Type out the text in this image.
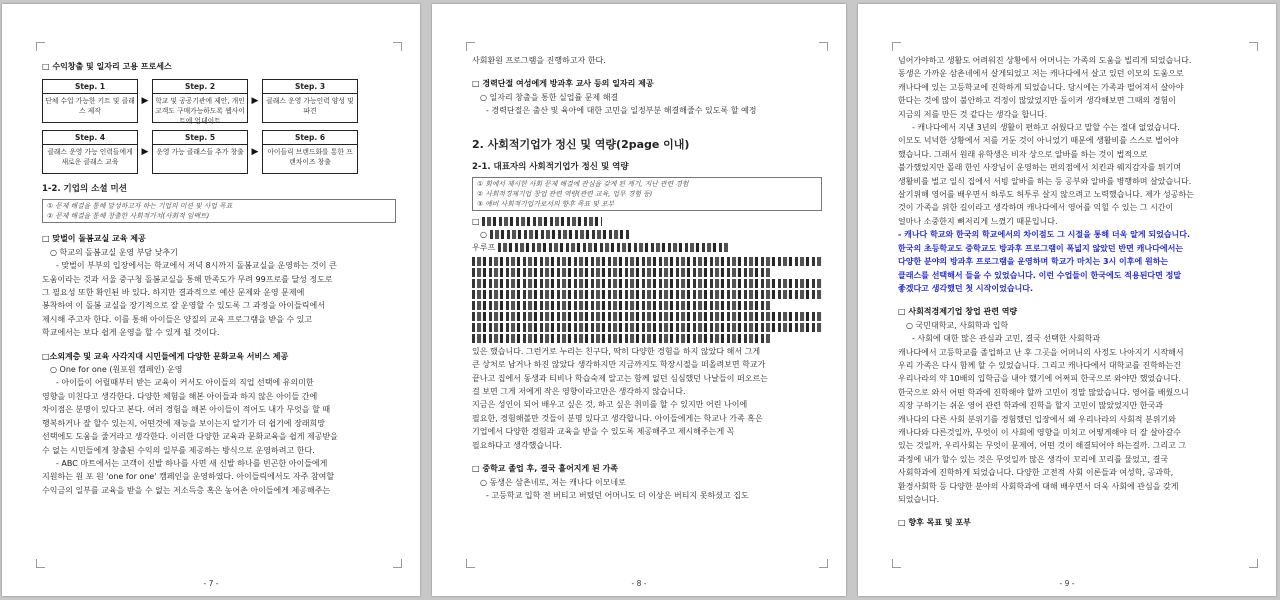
□ 수익창출 및 일자리 고용 프로세스
Step. 1
단체 수업 가능한 키트 및 클래스 제작
▶
Step. 2
학교 및 공공기관에 제안, 개인고객도 구매가능하도록 웹사이트에 업데이트
▶
Step. 3
클래스 운영 가능인력 양성 및 파견
Step. 4
클래스 운영 가능 인력들에게 새로운 클래스 교육
▶
Step. 5
운영 가능 클래스들 추가 창출 ▶
Step. 6
아이들릭 브랜드화를 통한 프랜차이즈 창출
1-2. 기업의 소셜 미션
① 문제 해결을 통해 달성하고자 하는 기업의 미션 및 사업 목표
② 문제 해결을 통해 창출한 사회적가치(사회적 임팩트)
□ 맞벌이 돌봄교실 교육 제공
○ 학교의 돌봄교실 운영 부담 낮추기
- 맞벌이 부부의 입장에서는 학교에서 저녁 8시까지 돌봄교실을 운영하는 것이 큰
도움이라는 것과 서울 중구청 돌봄교실을 통해 만족도가 무려 99프로를 달성 정도로
그 필요성 또한 확인된 바 있다. 하지만 결과적으로 예산 문제와 운영 문제에
봉착하여 이 돌봄 교실을 장기적으로 잘 운영할 수 있도록 그 과정을 아이들릭에서
제시해 주고자 한다. 이를 통해 아이들은 양질의 교육 프로그램을 받을 수 있고
학교에서는 보다 쉽게 운영을 할 수 있게 될 것이다.
□소외계층 및 교육 사각지대 시민들에게 다양한 문화교육 서비스 제공
○ One for one (원포원 캠페인) 운영
- 아이들이 어릴때부터 받는 교육이 커서도 아이들의 직업 선택에 유의미한
영향을 미친다고 생각한다. 다양한 체험을 해본 아이들과 하지 않은 아이들 간에
차이점은 분명이 있다고 본다. 여러 경험을 해본 아이들이 적어도 내가 무엇을 할 때
행복하거나 잘 할수 있는지, 어떤것에 재능을 보이는지 알기가 더 쉽기에 장래희망
선택에도 도움을 줄거라고 생각한다. 이러한 다양한 교육과 문화교육을 쉽게 제공받을
수 없는 시민들에게 창출된 수익의 일부를 제공하는 방식으로 운영하려고 한다.
- ABC 마트에서는 고객이 신발 하나를 사면 새 신발 하나를 빈곤한 아이들에게
지원하는 원 포 원 'one for one' 캠페인을 운영하였다. 아이들릭에서도 자주 참여할
수익금의 일부를 교육을 받을 수 없는 저소득층 혹은 농어촌 아이들에게 제공해주는
- 7 -
사회환원 프로그램을 진행하고자 한다.
□ 경력단절 여성에게 방과후 교사 등의 일자리 제공
○ 일자리 창출을 통한 실업률 문제 해결
- 경력단절은 출산 및 육아에 대한 고민을 일정부분 해결해줄수 있도록 할 예정
2. 사회적기업가 정신 및 역량(2page 이내)
2-1. 대표자의 사회적기업가 정신 및 역량
① 회에서 제시한 사회 문제 해결에 관심을 갖게 된 계기, 지난 관련 경험
② 사회적경제기업 창업 관련 역량(관련 교육, 업무 경험 등)
③ 예비 사회적기업가로서의 향후 목표 및 포부
□
○
우루프
있은 했습니다. 그런거로 누리는 친구다, 딱히 다양한 경험을 하지 않았다 해서 그게
큰 상처로 남거나 하진 않았다 생각하지만 지금까지도 학장시절을 떠올려보면 학교가
끝나고 집에서 동생과 티비나 학습숙제 알고는 함께 없던 심심했던 나날들이 떠오르는
걸 보면 그게 저에게 작은 영향이라고만은 생각하지 않습니다.
지금은 성인이 되어 배우고 싶은 것, 하고 싶은 취미를 할 수 있지만 어린 나이에
필요한, 경험해볼만 것들이 분명 있다고 생각합니다. 아이들에게는 학교나 가족 혹은
기업에서 다양한 경험과 교육을 받을 수 있도록 제공해주고 제시해주는게 꼭
필요하다고 생각했습니다.
□ 중학교 졸업 후, 결국 흩어지게 된 가족
○ 동생은 삼촌네로, 저는 캐나다 이모네로
- 고등학교 입학 전 버티고 버텼던 어머니도 더 이상은 버티지 못하셨고 집도
- 8 -
넘어가야하고 생활도 어려워진 상황에서 어머니는 가족의 도움을 빌리게 되었습니다.
동생은 가까운 삼촌네에서 살게되었고 저는 캐나다에서 살고 있던 이모의 도움으로
캐나다에 있는 고등학교에 진학하게 되었습니다. 당시에는 가족과 떨어져서 살아야
한다는 것에 많이 불안하고 걱정이 많았었지만 돌이켜 생각해보면 그때의 경험이
지금의 저를 만든 것 같다는 생각을 합니다.
- 캐나다에서 지낸 3년의 생활이 편하고 쉬웠다고 말할 수는 절대 없었습니다.
이모도 넉넉한 상황에서 저를 거둔 것이 아니었기 때문에 생활비를 스스로 벌어야
했습니다. 그래서 원래 유학생은 비자 상으로 알바를 하는 것이 법적으로
불가했었지만 몰래 한인 사장님이 운영하는 편의점에서 치킨과 웨지감자를 튀기며
생활비를 벌고 일식 집에서 서빙 알바를 하는 등 공부와 알바를 병행하며 살았습니다.
살기위해 영어를 배우면서 하루도 허투루 살지 않으려고 노력했습니다. 제가 성공하는
것이 가족을 위한 길이라고 생각하며 캐나다에서 영어를 익힐 수 있는 그 시간이
얼마나 소중한지 뼈저리게 느꼈기 때문입니다.
- 캐나다 학교와 한국의 학교에서의 차이점도 그 시절을 통해 더욱 알게 되었습니다.
한국의 초등학교도 중학교도 방과후 프로그램이 폭넓지 않았던 반면 캐나다에서는
다양한 분야의 방과후 프로그램을 운영하며 학교가 마치는 3시 이후에 원하는
클래스를 선택해서 들을 수 있었습니다. 이런 수업들이 한국에도 적용된다면 정말
좋겠다고 생각했던 첫 시작이었습니다.
□ 사회적경제기업 창업 관련 역량
○ 국민대학교, 사회학과 입학
- 사회에 대한 많은 관심과 고민, 결국 선택한 사회학과
캐나다에서 고등학교를 졸업하고 난 후 그곳을 어머니의 사정도 나아지기 시작해서
우리 가족은 다시 함께 할 수 있었습니다. 그리고 캐나다에서 대학교를 진학하는건
우리나라의 약 10배의 입학금을 내야 했기에 어쩌피 한국으로 와야만 했었습니다.
한국으로 와서 어떤 학과에 진학해야 할까 고민이 정말 많았습니다. 영어를 배웠으니
직장 구하기는 쉬운 영어 관련 학과에 진학을 할지 고민이 많았었지만 한국과
캐나다의 다른 사회 분위기를 경험했던 입장에서 왜 우리나라의 사회적 분위기와
캐나다와 다른것일까, 무엇이 이 사회에 영향을 미치고 어떻게해야 더 잘 살아갈수
있는 것일까, 우리사회는 무엇이 문제여, 어떤 것이 해결되어야 하는걸까. 그리고 그
과정에 내가 할수 있는 것은 무엇일까 많은 생각이 꼬리에 꼬리를 물었고, 결국
사회학과에 진학하게 되었습니다. 다양한 고전적 사회 이론들과 여성학, 공과학,
환경사회학 등 다양한 분야의 사회학과에 대해 배우면서 더욱 사회에 관심을 갖게
되었습니다.
□ 향후 목표 및 포부
- 9 -
